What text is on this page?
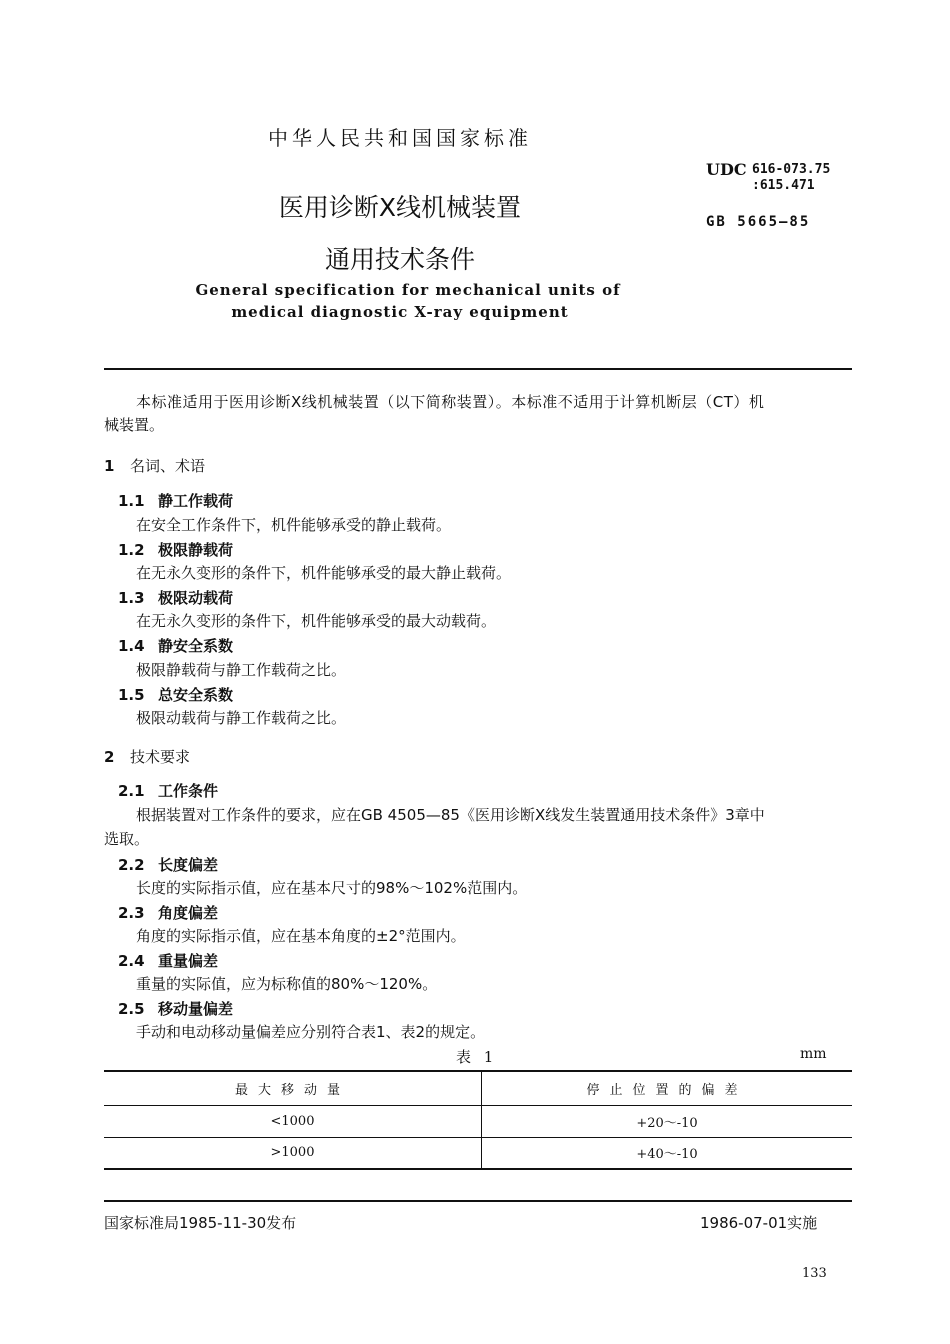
中华人民共和国国家标准
医用诊断X线机械装置
通用技术条件
General specification for mechanical units of
medical diagnostic X-ray equipment
UDC 616-073.75
:615.471
GB 5665—85
本标准适用于医用诊断X线机械装置（以下简称装置）。本标准不适用于计算机断层（CT）机
械装置。
1 名词、术语
1.1 静工作载荷
在安全工作条件下，机件能够承受的静止载荷。
1.2 极限静载荷
在无永久变形的条件下，机件能够承受的最大静止载荷。
1.3 极限动载荷
在无永久变形的条件下，机件能够承受的最大动载荷。
1.4 静安全系数
极限静载荷与静工作载荷之比。
1.5 总安全系数
极限动载荷与静工作载荷之比。
2 技术要求
2.1 工作条件
根据装置对工作条件的要求，应在GB 4505—85《医用诊断X线发生装置通用技术条件》3章中
选取。
2.2 长度偏差
长度的实际指示值，应在基本尺寸的98%～102%范围内。
2.3 角度偏差
角度的实际指示值，应在基本角度的±2°范围内。
2.4 重量偏差
重量的实际值，应为标称值的80%～120%。
2.5 移动量偏差
手动和电动移动量偏差应分别符合表1、表2的规定。
表 1	mm
最大移动量	停止位置的偏差
<1000	+20～-10
>1000	+40～-10
国家标准局1985-11-30发布	1986-07-01实施
133
